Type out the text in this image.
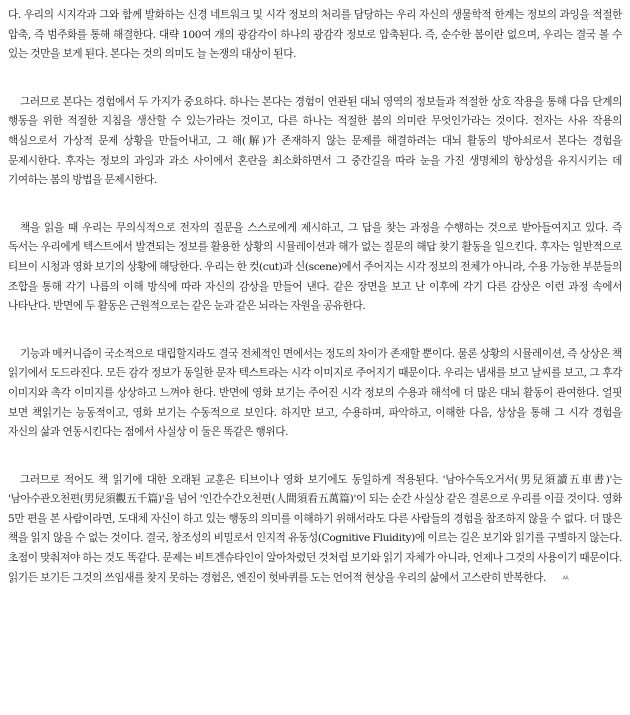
다. 우리의 시지각과 그와 함께 발화하는 신경 네트워크 및 시각 정보의 처리를 담당하는 우리 자신의 생물학적 한계는 정보의 과잉을 적절한 압축, 즉 범주화를 통해 해결한다. 대략 100여 개의 광감각이 하나의 광감각 정보로 압축된다. 즉, 순수한 봄이란 없으며, 우리는 결국 볼 수 있는 것만을 보게 된다. 본다는 것의 의미도 늘 논쟁의 대상이 된다.

그러므로 본다는 경험에서 두 가지가 중요하다. 하나는 본다는 경험이 연관된 대뇌 영역의 정보들과 적절한 상호 작용을 통해 다음 단계의 행동을 위한 적절한 지침을 생산할 수 있는가라는 것이고, 다른 하나는 적절한 봄의 의미란 무엇인가라는 것이다. 전자는 사유 작용의 핵심으로서 가상적 문제 상황을 만들어내고, 그 해(解)가 존재하지 않는 문제를 해결하려는 대뇌 활동의 방아쇠로서 본다는 경험을 문제시한다. 후자는 정보의 과잉과 과소 사이에서 혼란을 최소화하면서 그 중간길을 따라 눈을 가진 생명체의 항상성을 유지시키는 데 기여하는 봄의 방법을 문제시한다.

책을 읽을 때 우리는 무의식적으로 전자의 질문을 스스로에게 제시하고, 그 답을 찾는 과정을 수행하는 것으로 받아들여지고 있다. 즉 독서는 우리에게 텍스트에서 발견되는 정보를 활용한 상황의 시뮬레이션과 해가 없는 질문의 해답 찾기 활동을 일으킨다. 후자는 일반적으로 티브이 시청과 영화 보기의 상황에 해당한다. 우리는 한 컷(cut)과 신(scene)에서 주어지는 시각 정보의 전체가 아니라, 수용 가능한 부분들의 조합을 통해 각기 나름의 이해 방식에 따라 자신의 감상을 만들어 낸다. 같은 장면을 보고 난 이후에 각기 다른 감상은 이런 과정 속에서 나타난다. 반면에 두 활동은 근원적으로는 같은 눈과 같은 뇌라는 자원을 공유한다.

기능과 메커니즘이 국소적으로 대립할지라도 결국 전체적인 면에서는 정도의 차이가 존재할 뿐이다. 물론 상황의 시뮬레이션, 즉 상상은 책 읽기에서 도드라진다. 모든 감각 정보가 동일한 문자 텍스트라는 시각 이미지로 주어지기 때문이다. 우리는 냄새를 보고 날씨를 보고, 그 후각 이미지와 촉각 이미지를 상상하고 느껴야 한다. 반면에 영화 보기는 주어진 시각 정보의 수용과 해석에 더 많은 대뇌 활동이 관여한다. 얼핏 보면 책읽기는 능동적이고, 영화 보기는 수동적으로 보인다. 하지만 보고, 수용하며, 파악하고, 이해한 다음, 상상을 통해 그 시각 경험을 자신의 삶과 연동시킨다는 점에서 사실상 이 둘은 똑같은 행위다.

그러므로 적어도 책 읽기에 대한 오래된 교훈은 티브이나 영화 보기에도 동일하게 적용된다. '남아수독오거서(男兒須讀五車書)'는 '남아수관오천편(男兒須觀五千篇)'을 넘어 '인간수간오천편(人間須看五萬篇)'이 되는 순간 사실상 같은 결론으로 우리를 이끌 것이다. 영화 5만 편을 본 사람이라면, 도대체 자신이 하고 있는 행동의 의미를 이해하기 위해서라도 다른 사람들의 경험을 참조하지 않을 수 없다. 더 많은 책을 읽지 않을 수 없는 것이다. 결국, 창조성의 비밀로서 인지적 유동성(Cognitive Fluidity)에 이르는 길은 보기와 읽기를 구별하지 않는다. 초점이 맞춰져야 하는 것도 똑같다. 문제는 비트겐슈타인이 알아차렸던 것처럼 보기와 읽기 자체가 아니라, 언제나 그것의 사용이기 때문이다. 읽기든 보기든 그것의 쓰임새를 찾지 못하는 경험은, 엔진이 헛바퀴를 도는 언어적 현상을 우리의 삶에서 고스란히 반복한다. ㅆ
